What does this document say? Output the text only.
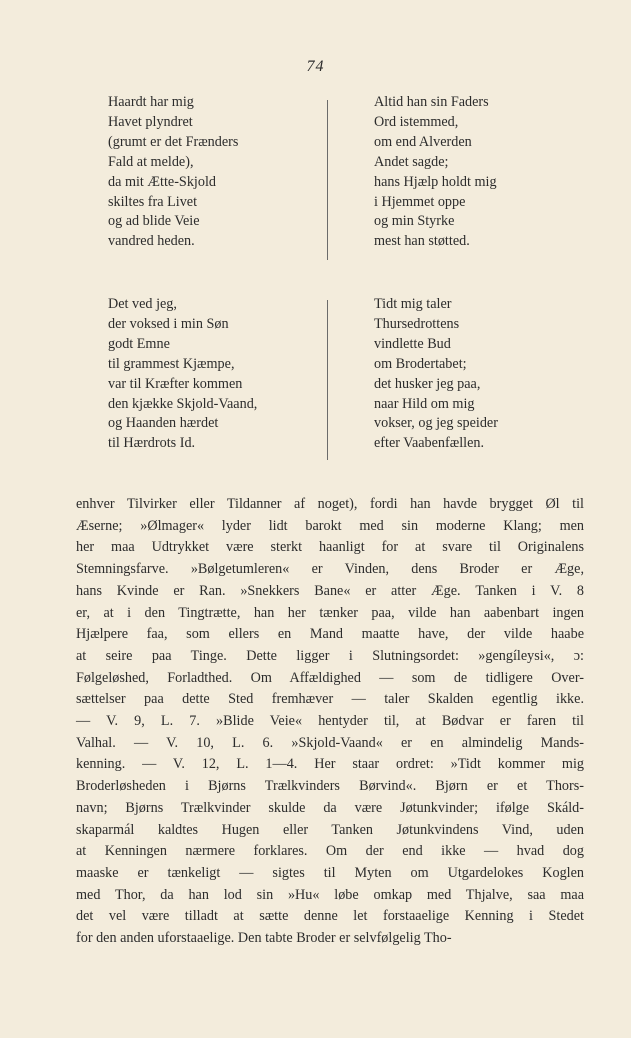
74
Haardt har mig
Havet plyndret
(grumt er det Frænders
Fald at melde),
da mit Ætte-Skjold
skiltes fra Livet
og ad blide Veie
vandred heden.
Altid han sin Faders
Ord istemmed,
om end Alverden
Andet sagde;
hans Hjælp holdt mig
i Hjemmet oppe
og min Styrke
mest han støtted.
Det ved jeg,
der voksed i min Søn
godt Emne
til grammest Kjæmpe,
var til Kræfter kommen
den kjække Skjold-Vaand,
og Haanden hærdet
til Hærdrots Id.
Tidt mig taler
Thursedrottens
vindlette Bud
om Brodertabet;
det husker jeg paa,
naar Hild om mig
vokser, og jeg speider
efter Vaabenfællen.

enhver Tilvirker eller Tildanner af noget), fordi han havde brygget Øl til
Æserne; »Ølmager« lyder lidt barokt med sin moderne Klang; men
her maa Udtrykket være sterkt haanligt for at svare til Originalens
Stemningsfarve. »Bølgetumleren« er Vinden, dens Broder er Ægе,
hans Kvinde er Ran. »Snekkers Bane« er atter Ægе. Tanken i V. 8
er, at i den Tingtrætte, han her tænker paa, vilde han aabenbart ingen
Hjælpere faa, som ellers en Mand maatte have, der vilde haabe
at seire paa Tinge. Dette ligger i Slutningsordet: »gengíleysi«, ɔ:
Følgeløshed, Forladthed. Om Affældighed — som de tidligere Over-
sættelser paa dette Sted fremhæver — taler Skalden egentlig ikke.
— V. 9, L. 7. »Blide Veie« hentyder til, at Bødvar er faren til
Valhal. — V. 10, L. 6. »Skjold-Vaand« er en almindelig Mands-
kenning. — V. 12, L. 1—4. Her staar ordret: »Tidt kommer mig
Broderløsheden i Bjørns Trælkvinders Børvind«. Bjørn er et Thors-
navn; Bjørns Trælkvinder skulde da være Jøtunkvinder; ifølge Skáld-
skaparmál kaldtes Hugen eller Tanken Jøtunkvindens Vind, uden
at Kenningen nærmere forklares. Om der end ikke — hvad dog
maaske er tænkeligt — sigtes til Myten om Utgardelokes Koglen
med Thor, da han lod sin »Hu« løbe omkap med Thjalve, saa maa
det vel være tilladt at sætte denne let forstaaelige Kenning i Stedet
for den anden uforstaaelige. Den tabte Broder er selvfølgelig Tho-
